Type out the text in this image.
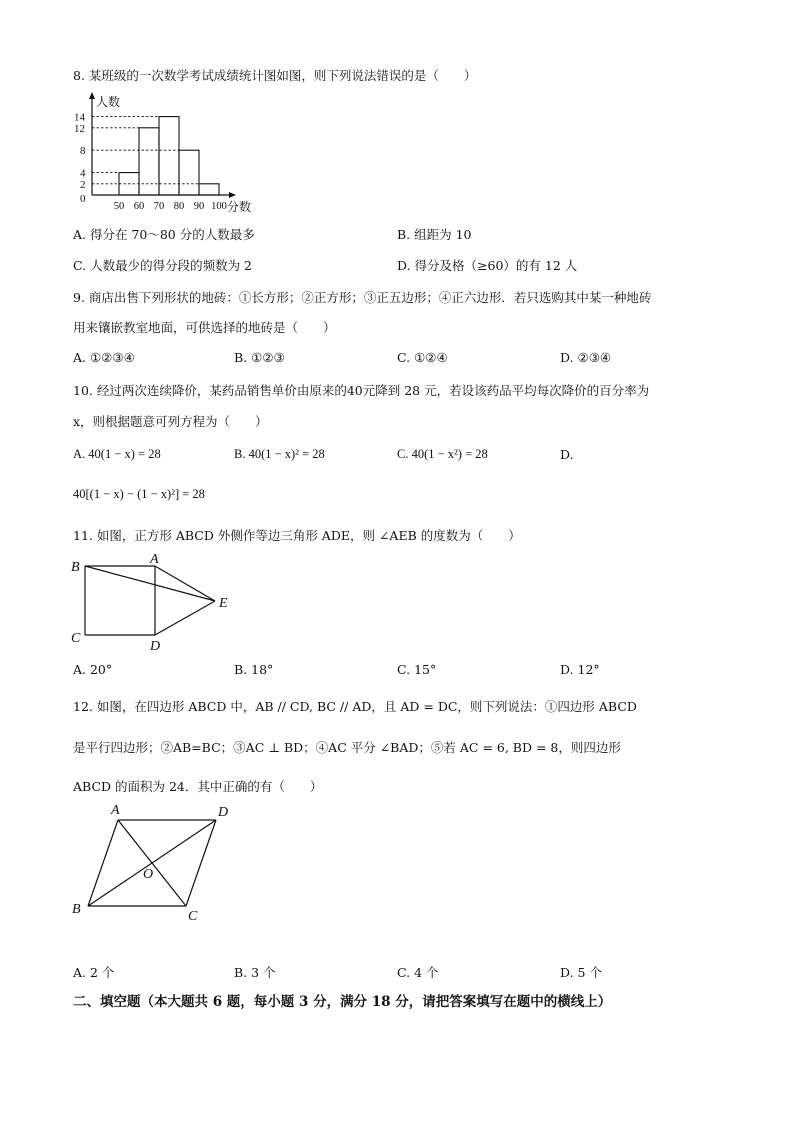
8. 某班级的一次数学考试成绩统计图如图，则下列说法错误的是（　　）
0
2
4
8
12
14
50 60 70 80 90 100
人数
分数
A. 得分在 70～80 分的人数最多	B. 组距为 10
C. 人数最少的得分段的频数为 2	D. 得分及格（≥60）的有 12 人
9. 商店出售下列形状的地砖：①长方形；②正方形；③正五边形；④正六边形．若只选购其中某一种地砖
用来镶嵌教室地面，可供选择的地砖是（　　）
A. ①②③④	B. ①②③	C. ①②④	D. ②③④
10. 经过两次连续降价，某药品销售单价由原来的40元降到 28 元，若设该药品平均每次降价的百分率为
x，则根据题意可列方程为（　　）
A. 40(1 − x) = 28	B. 40(1 − x)² = 28	C. 40(1 − x²) = 28	D.
40[(1 − x) − (1 − x)²] = 28
11. 如图，正方形 ABCD 外侧作等边三角形 ADE，则 ∠AEB 的度数为（　　）
B
A
E
C
D
A. 20°	B. 18°	C. 15°	D. 12°
12. 如图，在四边形 ABCD 中，AB // CD, BC // AD，且 AD = DC，则下列说法：①四边形 ABCD
是平行四边形；②AB=BC；③AC ⊥ BD；④AC 平分 ∠BAD；⑤若 AC = 6, BD = 8，则四边形
ABCD 的面积为 24．其中正确的有（　　）
A	D
O
B	C
A. 2 个	B. 3 个	C. 4 个	D. 5 个
二、填空题（本大题共 6 题，每小题 3 分，满分 18 分，请把答案填写在题中的横线上）
